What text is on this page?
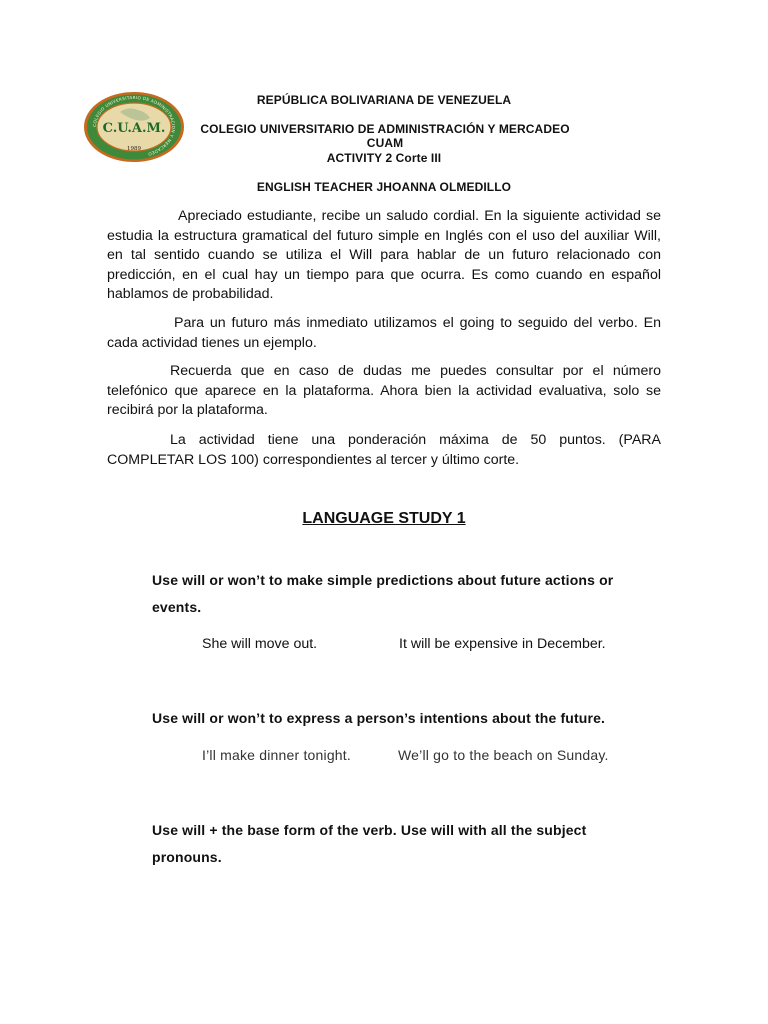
COLEGIO UNIVERSITARIO DE ADMINISTRACION Y MERCADEO
C.U.A.M.
1989
REPÚBLICA BOLIVARIANA DE VENEZUELA
COLEGIO UNIVERSITARIO DE ADMINISTRACIÓN Y MERCADEO CUAM
ACTIVITY 2 Corte III
ENGLISH TEACHER JHOANNA OLMEDILLO
Apreciado estudiante, recibe un saludo cordial. En la siguiente actividad se estudia la estructura gramatical del futuro simple en Inglés con el uso del auxiliar Will, en tal sentido cuando se utiliza el Will para hablar de un futuro relacionado con predicción, en el cual hay un tiempo para que ocurra. Es como cuando en español hablamos de probabilidad.
Para un futuro más inmediato utilizamos el going to seguido del verbo. En cada actividad tienes un ejemplo.
Recuerda que en caso de dudas me puedes consultar por el número telefónico que aparece en la plataforma. Ahora bien la actividad evaluativa, solo se recibirá por la plataforma.
La actividad tiene una ponderación máxima de 50 puntos. (PARA COMPLETAR LOS 100) correspondientes al tercer y último corte.
LANGUAGE STUDY 1
Use will or won’t to make simple predictions about future actions or events.
She will move out.	It will be expensive in December.
Use will or won’t to express a person’s intentions about the future.
I’ll make dinner tonight.	We’ll go to the beach on Sunday.
Use will + the base form of the verb. Use will with all the subject pronouns.
